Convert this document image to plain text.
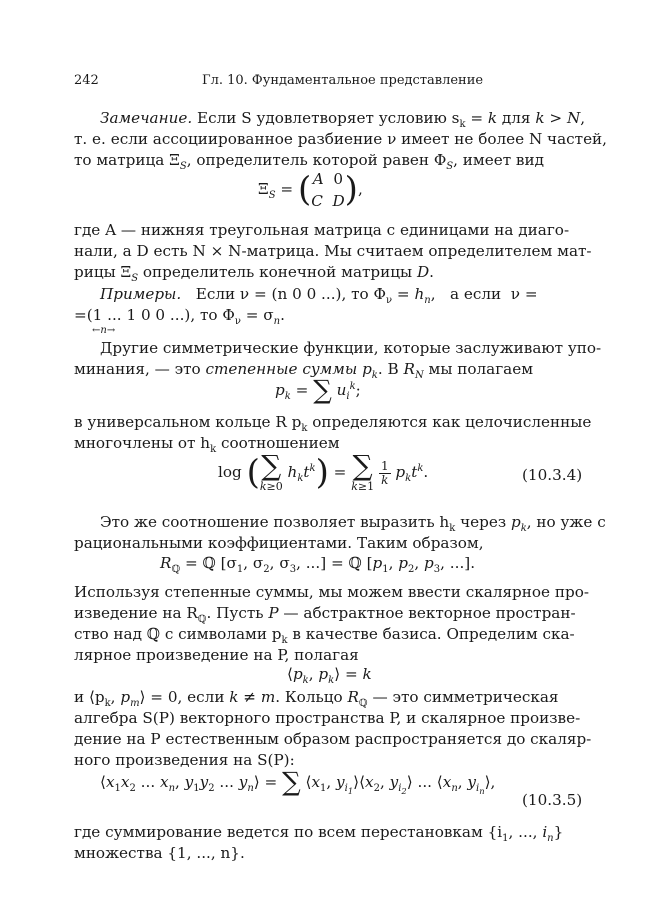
242	Гл. 10. Фундаментальное представление
Замечание. Если S удовлетворяет условию $s_k = k$ для k > N,
т. е. если ассоциированное разбиение ν имеет не более N частей,
то матрица $\Xi_S$, определитель которой равен $\Phi_S$, имеет вид
$\Xi_S$ = ( A  0
C D),
где A — нижняя треугольная матрица с единицами на диаго-
нали, а D есть N × N-матрица. Мы считаем определителем мат-
рицы $\Xi_S$ определитель конечной матрицы D.
Примеры. Если ν = (n 0 0 ...), то $\Phi_\nu = h_n$,   а если  ν =
=(1 ... 1 0 0 ...), то $\Phi_\nu = \sigma_n$.
←n→
Другие симметрические функции, которые заслуживают упо-
минания, — это степенные суммы $p_k$. В $R_N$ мы полагаем
$p_k$ = ∑ $u_i^k$;
в универсальном кольце R $p_k$ определяются как целочисленные
многочлены от $h_k$ соотношением
log ( ∑
k≥0
$h_kt^k$) = ∑
k≥1
$\frac{1}{k} p_kt^k$.	(10.3.4)
Это же соотношение позволяет выразить $h_k$ через $p_k$, но уже с
рациональными коэффициентами. Таким образом,
$R_ℚ$ = ℚ [$\sigma_1$, $\sigma_2$, $\sigma_3$, ...] = ℚ [$p_1$, $p_2$, $p_3$, ...].
Используя степенные суммы, мы можем ввести скалярное про-
изведение на $R_ℚ$. Пусть P — абстрактное векторное простран-
ство над ℚ с символами $p_k$ в качестве базиса. Определим ска-
лярное произведение на P, полагая
$⟨p_k$, $p_k⟩ = k$
и $⟨p_k$, $p_m⟩ = 0$, если k ≠ m. Кольцо $R_ℚ$ — это симметрическая
алгебра S(P) векторного пространства P, и скалярное произве-
дение на P естественным образом распространяется до скаляр-
ного произведения на S(P):
$⟨x_1x_2$ ... $x_n$, $y_1y_2$ ... $y_n⟩$ = ∑ $⟨x_1$, $y_{i_1}⟩⟨x_2$, $y_{i_2}⟩$ ... $⟨x_n$, $y_{i_n}⟩$,
(10.3.5)
где суммирование ведется по всем перестановкам {$i_1$, ..., $i_n$}
множества {1, ..., n}.
